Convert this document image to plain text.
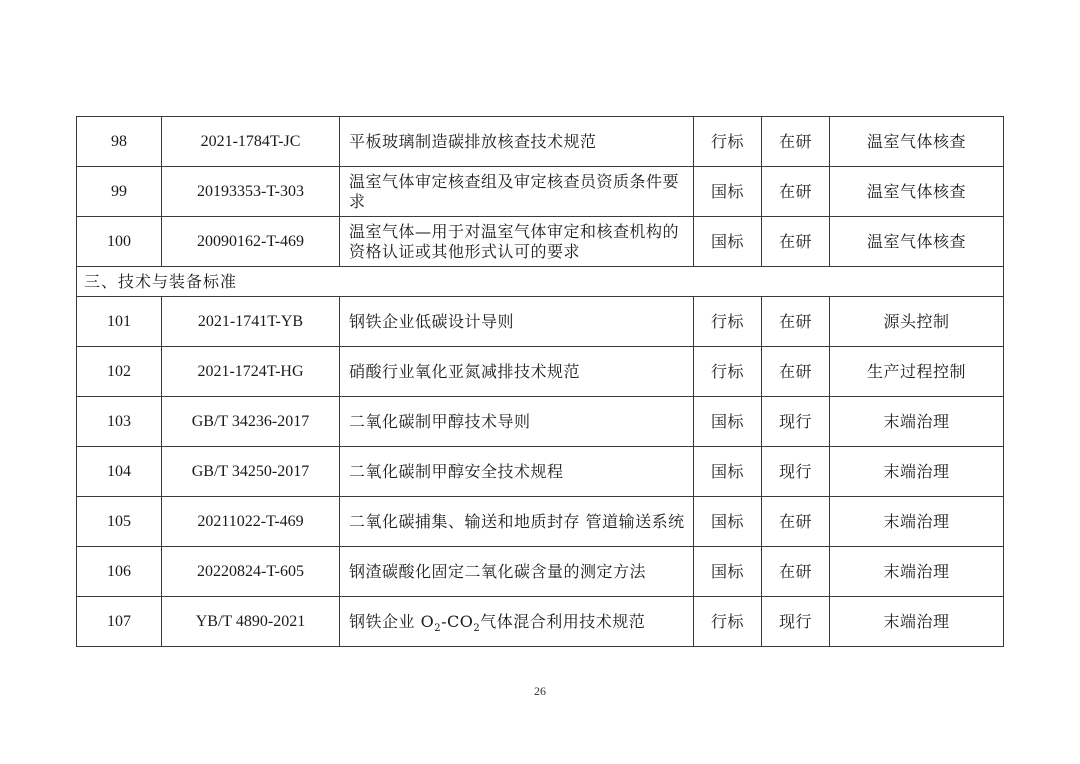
98	2021-1784T-JC	平板玻璃制造碳排放核查技术规范	行标	在研	温室气体核查
99	20193353-T-303	温室气体审定核查组及审定核查员资质条件要求	国标	在研	温室气体核查
100	20090162-T-469	温室气体—用于对温室气体审定和核查机构的资格认证或其他形式认可的要求	国标	在研	温室气体核查
三、技术与装备标准					
101	2021-1741T-YB	钢铁企业低碳设计导则	行标	在研	源头控制
102	2021-1724T-HG	硝酸行业氧化亚氮减排技术规范	行标	在研	生产过程控制
103	GB/T 34236-2017	二氧化碳制甲醇技术导则	国标	现行	末端治理
104	GB/T 34250-2017	二氧化碳制甲醇安全技术规程	国标	现行	末端治理
105	20211022-T-469	二氧化碳捕集、输送和地质封存 管道输送系统	国标	在研	末端治理
106	20220824-T-605	钢渣碳酸化固定二氧化碳含量的测定方法	国标	在研	末端治理
107	YB/T 4890-2021	钢铁企业 $O_2-CO_2$气体混合利用技术规范	行标	现行	末端治理
26
